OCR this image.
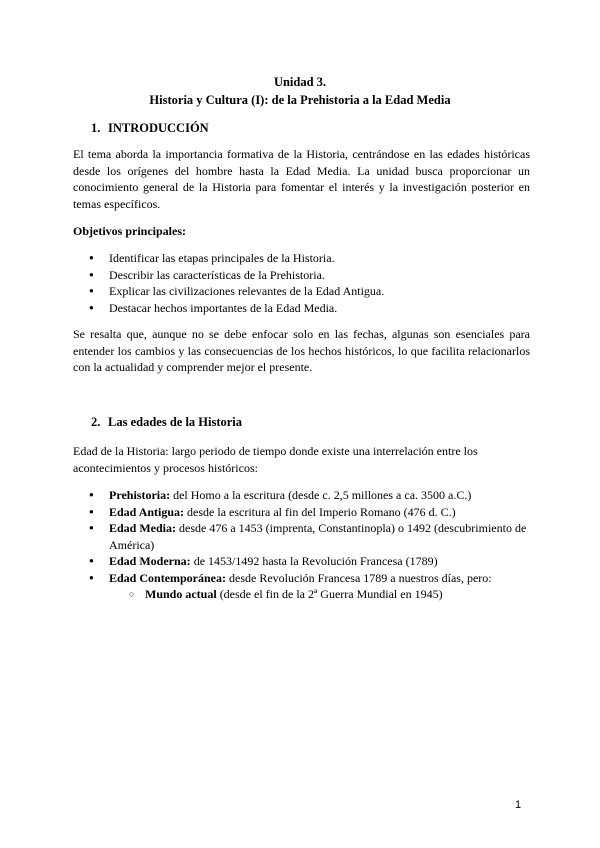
Unidad 3.
Historia y Cultura (I): de la Prehistoria a la Edad Media
1. INTRODUCCIÓN
El tema aborda la importancia formativa de la Historia, centrándose en las edades históricas desde los orígenes del hombre hasta la Edad Media. La unidad busca proporcionar un conocimiento general de la Historia para fomentar el interés y la investigación posterior en temas específicos.
Objetivos principales:
● Identificar las etapas principales de la Historia.
● Describir las características de la Prehistoria.
● Explicar las civilizaciones relevantes de la Edad Antigua.
● Destacar hechos importantes de la Edad Media.
Se resalta que, aunque no se debe enfocar solo en las fechas, algunas son esenciales para entender los cambios y las consecuencias de los hechos históricos, lo que facilita relacionarlos con la actualidad y comprender mejor el presente.
2. Las edades de la Historia
Edad de la Historia: largo periodo de tiempo donde existe una interrelación entre los acontecimientos y procesos históricos:
● Prehistoria: del Homo a la escritura (desde c. 2,5 millones a ca. 3500 a.C.)
● Edad Antigua: desde la escritura al fin del Imperio Romano (476 d. C.)
● Edad Media: desde 476 a 1453 (imprenta, Constantinopla) o 1492 (descubrimiento de América)
● Edad Moderna: de 1453/1492 hasta la Revolución Francesa (1789)
● Edad Contemporánea: desde Revolución Francesa 1789 a nuestros días, pero:
○ Mundo actual (desde el fin de la 2ª Guerra Mundial en 1945)
1
